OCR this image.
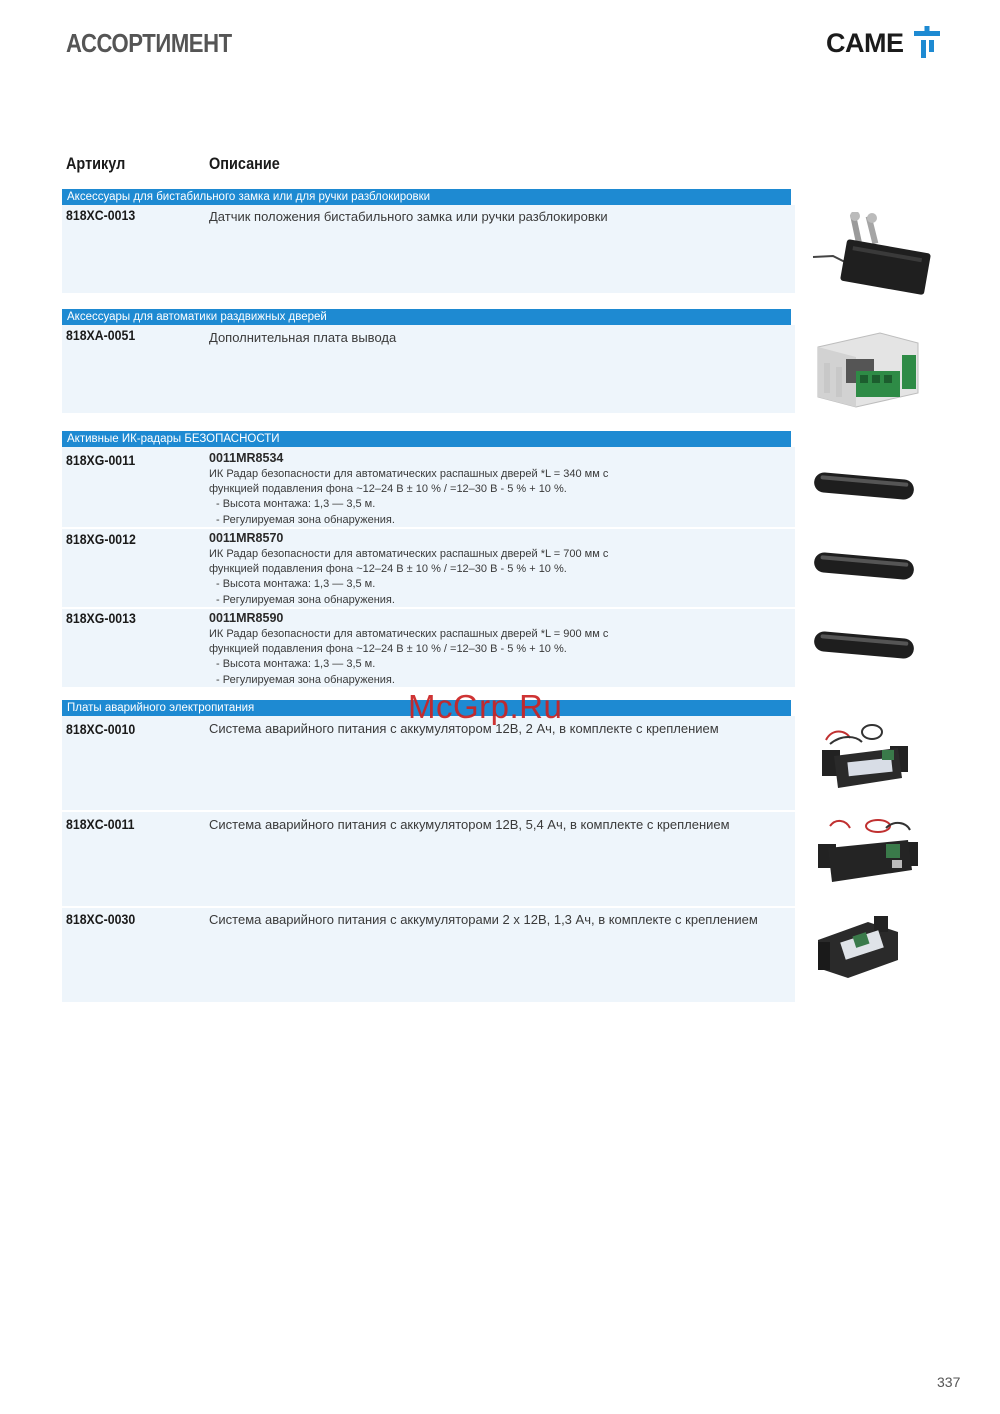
АССОРТИМЕНТ	CAME
Артикул	Описание
Аксессуары для бистабильного замка или для ручки разблокировки
818XC-0013	Датчик положения бистабильного замка или ручки разблокировки
Аксессуары для автоматики раздвижных дверей
818XA-0051	Дополнительная плата вывода
Активные ИК-радары БЕЗОПАСНОСТИ
818XG-0011	0011MR8534
ИК Радар безопасности для автоматических распашных дверей *L = 340 мм с
функцией подавления фона ~12–24 В ± 10 % / =12–30 В - 5 % + 10 %.
- Высота монтажа: 1,3 — 3,5 м.
- Регулируемая зона обнаружения.
818XG-0012	0011MR8570
ИК Радар безопасности для автоматических распашных дверей *L = 700 мм с
функцией подавления фона ~12–24 В ± 10 % / =12–30 В - 5 % + 10 %.
- Высота монтажа: 1,3 — 3,5 м.
- Регулируемая зона обнаружения.
818XG-0013	0011MR8590
ИК Радар безопасности для автоматических распашных дверей *L = 900 мм с
функцией подавления фона ~12–24 В ± 10 % / =12–30 В - 5 % + 10 %.
- Высота монтажа: 1,3 — 3,5 м.
- Регулируемая зона обнаружения.
Платы аварийного электропитания
818XC-0010	Система аварийного питания с аккумулятором 12В, 2 Ач, в комплекте с креплением
818XC-0011	Система аварийного питания с аккумулятором 12В, 5,4 Ач, в комплекте с креплением
818XC-0030	Система аварийного питания с аккумуляторами 2 х 12В, 1,3 Ач, в комплекте с креплением
McGrp.Ru
337
